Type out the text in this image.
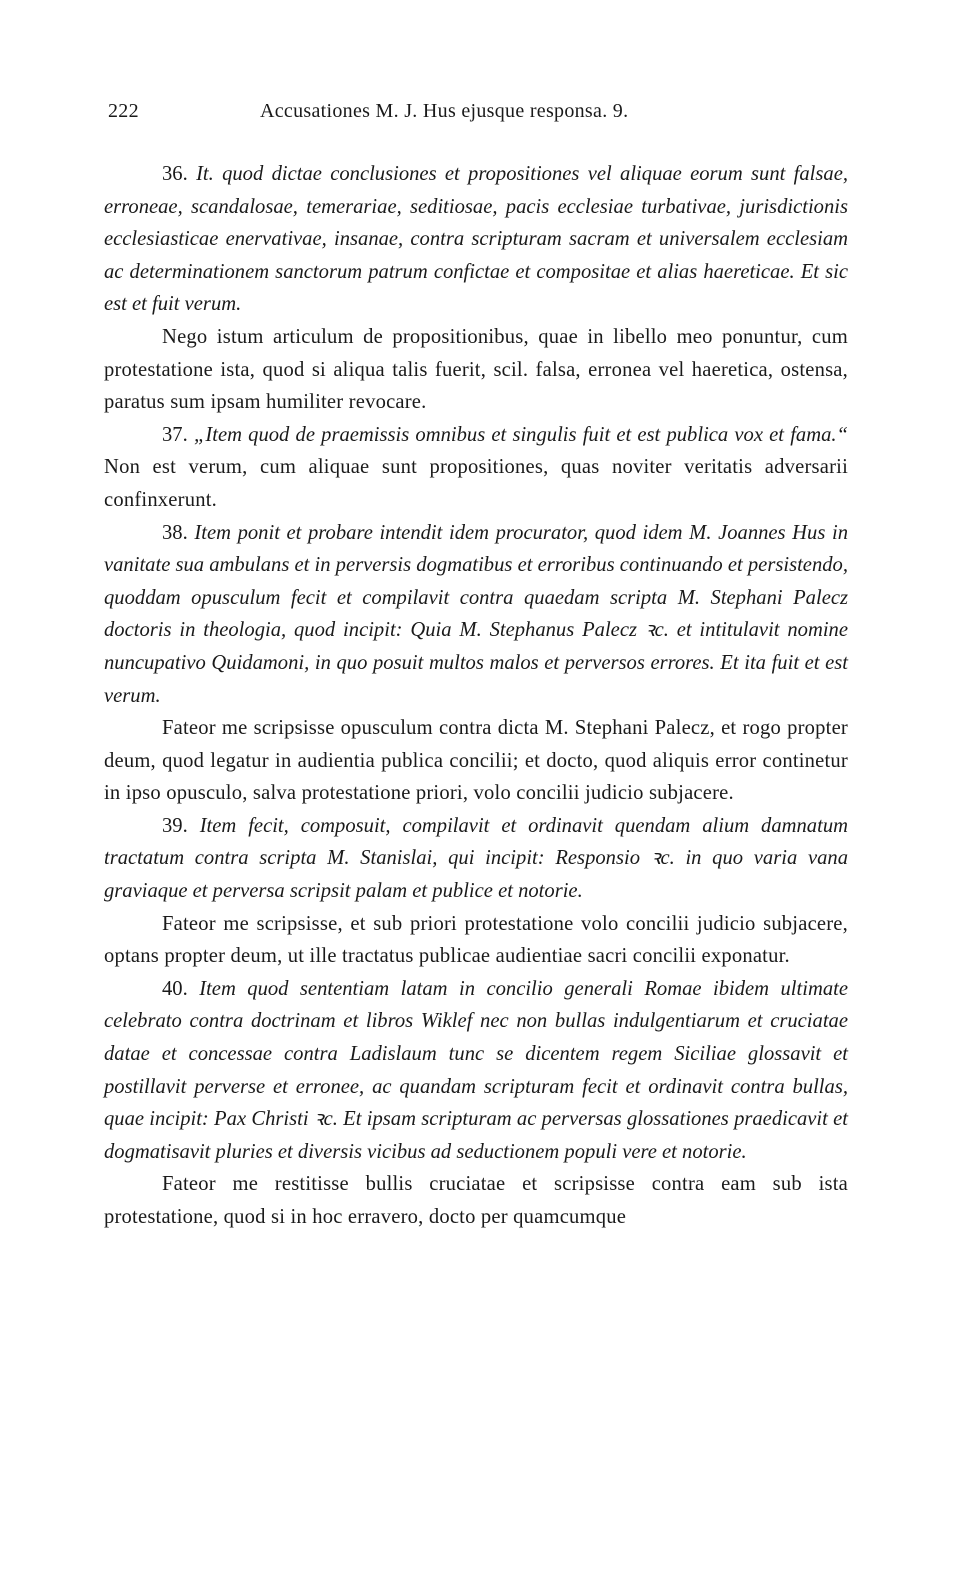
222	Accusationes M. J. Hus ejusque responsa. 9.

36. It. quod dictae conclusiones et propositiones vel aliquae eorum sunt falsae, erroneae, scandalosae, temerariae, seditiosae, pacis ecclesiae turbativae, jurisdictionis ecclesiasticae enervativae, insanae, contra scripturam sacram et universalem ecclesiam ac determinationem sanctorum patrum confictae et compositae et alias haereticae. Et sic est et fuit verum.

Nego istum articulum de propositionibus, quae in libello meo ponuntur, cum protestatione ista, quod si aliqua talis fuerit, scil. falsa, erronea vel haeretica, ostensa, paratus sum ipsam humiliter revocare.

37. „Item quod de praemissis omnibus et singulis fuit et est publica vox et fama.“ Non est verum, cum aliquae sunt propositiones, quas noviter veritatis adversarii confinxerunt.

38. Item ponit et probare intendit idem procurator, quod idem M. Joannes Hus in vanitate sua ambulans et in perversis dogmatibus et erroribus continuando et persistendo, quoddam opusculum fecit et compilavit contra quaedam scripta M. Stephani Palecz doctoris in theologia, quod incipit: Quia M. Stephanus Palecz ꝛc. et intitulavit nomine nuncupativo Quidamoni, in quo posuit multos malos et perversos errores. Et ita fuit et est verum.

Fateor me scripsisse opusculum contra dicta M. Stephani Palecz, et rogo propter deum, quod legatur in audientia publica concilii; et docto, quod aliquis error continetur in ipso opusculo, salva protestatione priori, volo concilii judicio subjacere.

39. Item fecit, composuit, compilavit et ordinavit quendam alium damnatum tractatum contra scripta M. Stanislai, qui incipit: Responsio ꝛc. in quo varia vana graviaque et perversa scripsit palam et publice et notorie.

Fateor me scripsisse, et sub priori protestatione volo concilii judicio subjacere, optans propter deum, ut ille tractatus publicae audientiae sacri concilii exponatur.

40. Item quod sententiam latam in concilio generali Romae ibidem ultimate celebrato contra doctrinam et libros Wiklef nec non bullas indulgentiarum et cruciatae datae et concessae contra Ladislaum tunc se dicentem regem Siciliae glossavit et postillavit perverse et erronee, ac quandam scripturam fecit et ordinavit contra bullas, quae incipit: Pax Christi ꝛc. Et ipsam scripturam ac perversas glossationes praedicavit et dogmatisavit pluries et diversis vicibus ad seductionem populi vere et notorie.

Fateor me restitisse bullis cruciatae et scripsisse contra eam sub ista protestatione, quod si in hoc erravero, docto per quamcumque
